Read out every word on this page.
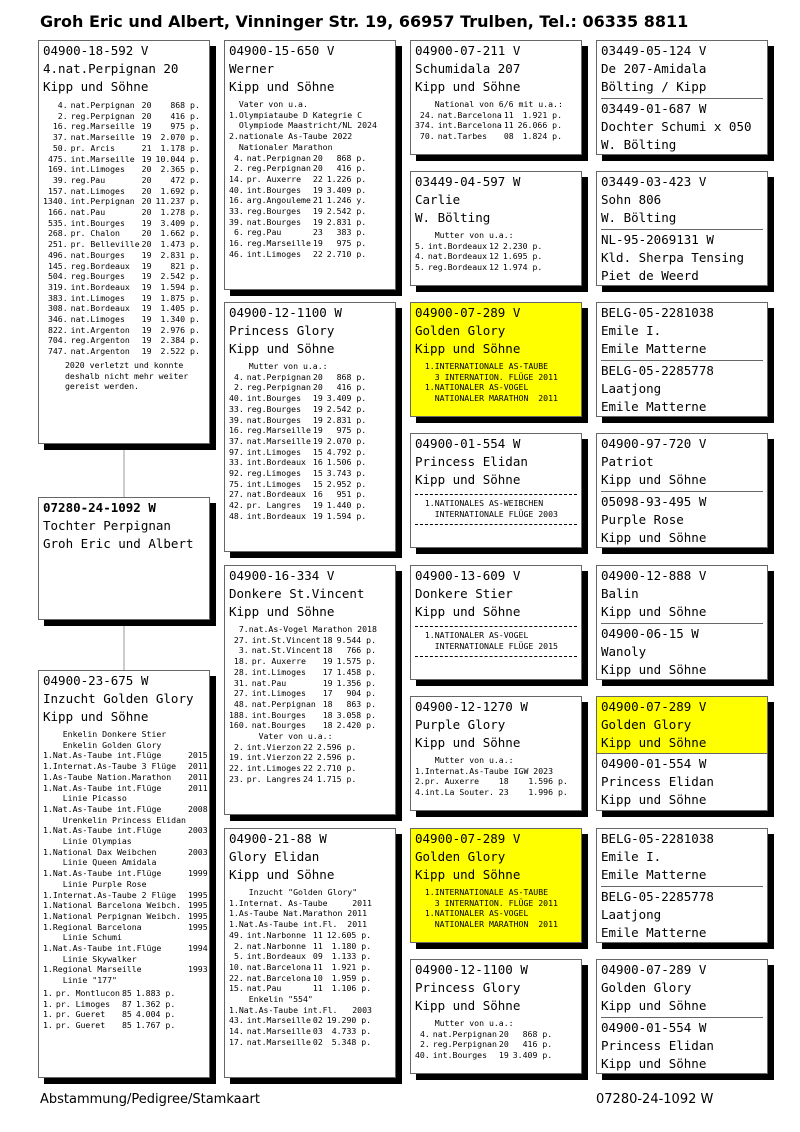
Groh Eric und Albert, Vinninger Str. 19, 66957 Trulben, Tel.: 06335 8811
07280-24-1092 W
Tochter Perpignan
Groh Eric und Albert
04900-18-592 V
4.nat.Perpignan 20
Kipp und Söhne
4.	nat.Perpignan	20	868 p.
2.	reg.Perpignan	20	416 p.
16.	reg.Marseille	19	975 p.
37.	nat.Marseille	19	2.070 p.
50.	pr. Arcis	21	1.178 p.
475.	int.Marseille	19	10.044 p.
169.	int.Limoges	20	2.365 p.
39.	reg.Pau	20	472 p.
157.	nat.Limoges	20	1.692 p.
1340.	int.Perpignan	20	11.237 p.
166.	nat.Pau	20	1.278 p.
535.	int.Bourges	19	3.409 p.
268.	pr. Chalon	20	1.662 p.
251.	pr. Belleville	20	1.473 p.
496.	nat.Bourges	19	2.831 p.
145.	reg.Bordeaux	19	821 p.
504.	reg.Bourges	19	2.542 p.
319.	int.Bordeaux	19	1.594 p.
383.	int.Limoges	19	1.875 p.
308.	nat.Bordeaux	19	1.405 p.
346.	nat.Limoges	19	1.340 p.
822.	int.Argenton	19	2.976 p.
704.	reg.Argenton	19	2.384 p.
747.	nat.Argenton	19	2.522 p.
2020 verletzt und konnte
deshalb nicht mehr weiter
gereist werden.
04900-23-675 W
Inzucht Golden Glory
Kipp und Söhne
Enkelin Donkere Stier	
Enkelin Golden Glory	
1.Nat.As-Taube int.Flüge	2015
1.Internat.As-Taube 3 Flüge	2011
1.As-Taube Nation.Marathon	2011
1.Nat.As-Taube int.Flüge	2011
Linie Picasso	
1.Nat.As-Taube int.Flüge	2008
Urenkelin Princess Elidan	
1.Nat.As-Taube int.Flüge	2003
Linie Olympias	
1.National Dax Weibchen	2003
Linie Queen Amidala	
1.Nat.As-Taube int.Flüge	1999
Linie Purple Rose	
1.Internat.As-Taube 2 Flüge	1995
1.National Barcelona Weibch.	1995
1.National Perpignan Weibch.	1995
1.Regional Barcelona	1995
Linie Schumi	
1.Nat.As-Taube int.Flüge	1994
Linie Skywalker	
1.Regional Marseille	1993
Linie "177"	
1.	pr. Montlucon	85	1.883 p.
1.	pr. Limoges	87	1.362 p.
1.	pr. Gueret	85	4.004 p.
1.	pr. Gueret	85	1.767 p.
04900-15-650 V
Werner
Kipp und Söhne
Vater von u.a.
1.Olympiataube D Kategrie C
Olympiode Maastricht/NL 2024
2.nationale As-Taube 2022
Nationaler Marathon
4.	nat.Perpignan	20	868 p.
2.	reg.Perpignan	20	416 p.
14.	pr. Auxerre	22	1.226 p.
40.	int.Bourges	19	3.409 p.
16.	arg.Angouleme	21	1.246 y.
33.	reg.Bourges	19	2.542 p.
39.	nat.Bourges	19	2.831 p.
6.	reg.Pau	23	383 p.
16.	reg.Marseille	19	975 p.
46.	int.Limoges	22	2.710 p.
04900-12-1100 W
Princess Glory
Kipp und Söhne
Mutter von u.a.:
4.	nat.Perpignan	20	868 p.
2.	reg.Perpignan	20	416 p.
40.	int.Bourges	19	3.409 p.
33.	reg.Bourges	19	2.542 p.
39.	nat.Bourges	19	2.831 p.
16.	reg.Marseille	19	975 p.
37.	nat.Marseille	19	2.070 p.
97.	int.Limoges	15	4.792 p.
33.	int.Bordeaux	16	1.506 p.
92.	reg.Limoges	15	3.743 p.
75.	int.Limoges	15	2.952 p.
27.	nat.Bordeaux	16	951 p.
42.	pr. Langres	19	1.440 p.
48.	int.Bordeaux	19	1.594 p.
04900-16-334 V
Donkere St.Vincent
Kipp und Söhne
7.nat.As-Vogel Marathon 2018
27.	int.St.Vincent	18	9.544 p.
3.	nat.St.Vincent	18	766 p.
18.	pr. Auxerre	19	1.575 p.
28.	int.Limoges	17	1.458 p.
31.	nat.Pau	19	1.356 p.
27.	int.Limoges	17	904 p.
48.	nat.Perpignan	18	863 p.
188.	int.Bourges	18	3.058 p.
160.	nat.Bourges	18	2.420 p.
Vater von u.a.:
2.	int.Vierzon	22	2.596 p.
19.	int.Vierzon	22	2.596 p.
22.	int.Limoges	22	2.710 p.
23.	pr. Langres	24	1.715 p.
04900-21-88 W
Glory Elidan
Kipp und Söhne
Inzucht "Golden Glory"
1.Internat. As-Taube     2011
1.As-Taube Nat.Marathon 2011
1.Nat.As-Taube int.Fl.  2011
49.	int.Narbonne	11	12.605 p.
2.	nat.Narbonne	11	1.180 p.
5.	int.Bordeaux	09	1.133 p.
10.	nat.Barcelona	11	1.921 p.
22.	nat.Barcelona	10	1.959 p.
15.	nat.Pau	11	1.106 p.
Enkelin "554"
1.Nat.As-Taube int.Fl.   2003
43.	int.Marseille	02	19.290 p.
14.	nat.Marseille	03	4.733 p.
17.	nat.Marseille	02	5.348 p.
04900-07-211 V
Schumidala 207
Kipp und Söhne
National von 6/6 mit u.a.:
24.	nat.Barcelona	11	1.921 p.
374.	int.Barcelona	11	26.066 p.
70.	nat.Tarbes	08	1.824 p.
03449-04-597 W
Carlie
W. Bölting
Mutter von u.a.:
5.	int.Bordeaux	12	2.230 p.
4.	nat.Bordeaux	12	1.695 p.
5.	reg.Bordeaux	12	1.974 p.
04900-07-289 V
Golden Glory
Kipp und Söhne
1.INTERNATIONALE AS-TAUBE
3 INTERNATION. FLÜGE 2011
1.NATIONALER AS-VOGEL
NATIONALER MARATHON  2011
04900-01-554 W
Princess Elidan
Kipp und Söhne
1.NATIONALES AS-WEIBCHEN
INTERNATIONALE FLÜGE 2003
04900-13-609 V
Donkere Stier
Kipp und Söhne
1.NATIONALER AS-VOGEL
INTERNATIONALE FLÜGE 2015
04900-12-1270 W
Purple Glory
Kipp und Söhne
Mutter von u.a.:
1.Internat.As-Taube IGW 2023
2.pr. Auxerre    18    1.596 p.
4.int.La Souter. 23    1.996 p.
04900-07-289 V
Golden Glory
Kipp und Söhne
1.INTERNATIONALE AS-TAUBE
3 INTERNATION. FLÜGE 2011
1.NATIONALER AS-VOGEL
NATIONALER MARATHON  2011
04900-12-1100 W
Princess Glory
Kipp und Söhne
Mutter von u.a.:
4.	nat.Perpignan	20	868 p.
2.	reg.Perpignan	20	416 p.
40.	int.Bourges	19	3.409 p.
03449-05-124 V
De 207-Amidala
Bölting / Kipp
03449-01-687 W
Dochter Schumi x 050
W. Bölting
03449-03-423 V
Sohn 806
W. Bölting
NL-95-2069131 W
Kld. Sherpa Tensing
Piet de Weerd
BELG-05-2281038
Emile I.
Emile Matterne
BELG-05-2285778
Laatjong
Emile Matterne
04900-97-720 V
Patriot
Kipp und Söhne
05098-93-495 W
Purple Rose
Kipp und Söhne
04900-12-888 V
Balin
Kipp und Söhne
04900-06-15 W
Wanoly
Kipp und Söhne
04900-07-289 V
Golden Glory
Kipp und Söhne
04900-01-554 W
Princess Elidan
Kipp und Söhne
BELG-05-2281038
Emile I.
Emile Matterne
BELG-05-2285778
Laatjong
Emile Matterne
04900-07-289 V
Golden Glory
Kipp und Söhne
04900-01-554 W
Princess Elidan
Kipp und Söhne
Abstammung/Pedigree/Stamkaart	07280-24-1092 W
